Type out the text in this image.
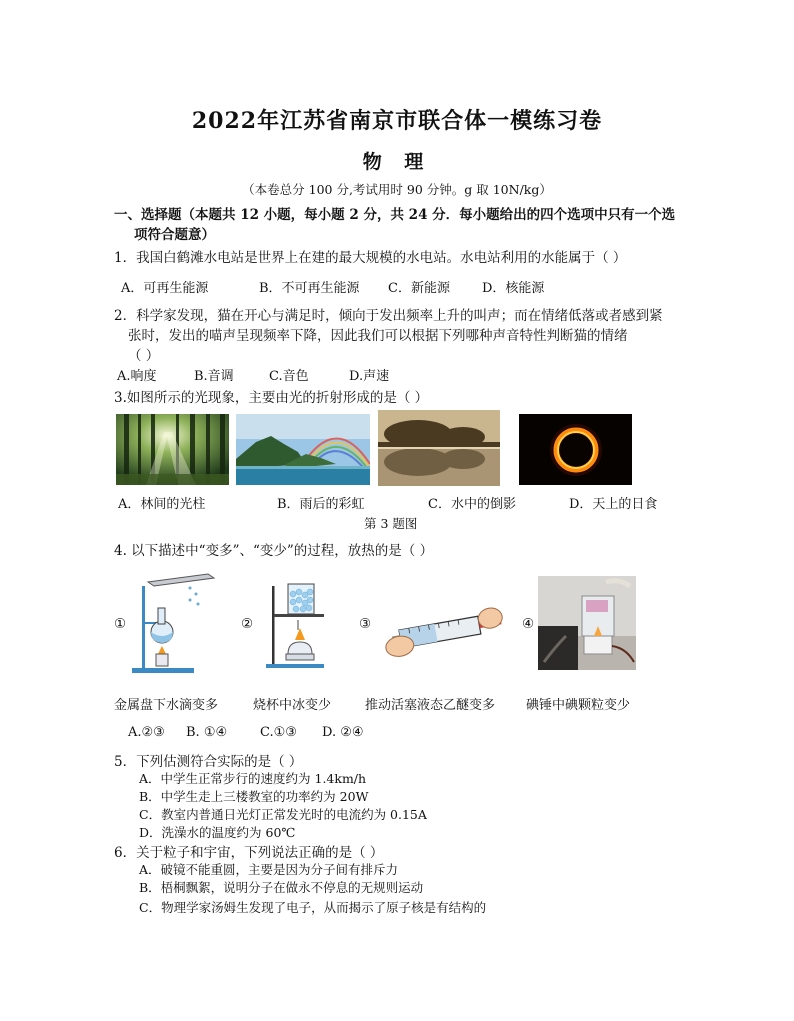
2022年江苏省南京市联合体一模练习卷
物 理
（本卷总分 100 分,考试用时 90 分钟。g 取 10N/kg）
一、选择题（本题共 12 小题，每小题 2 分，共 24 分．每小题给出的四个选项中只有一个选
项符合题意）
1．我国白鹤滩水电站是世界上在建的最大规模的水电站。水电站利用的水能属于（ ）
A．可再生能源	B．不可再生能源 C．新能源 D．核能源
2．科学家发现，猫在开心与满足时，倾向于发出频率上升的叫声；而在情绪低落或者感到紧
张时，发出的喵声呈现频率下降，因此我们可以根据下列哪种声音特性判断猫的情绪
（ ）
A.响度	B.音调	C.音色	D.声速
3.如图所示的光现象，主要由光的折射形成的是（ ）
A．林间的光柱	B．雨后的彩虹	C．水中的倒影	D．天上的日食
第 3 题图
4. 以下描述中“变多”、“变少”的过程，放热的是（ ）
①	②	③	④
金属盘下水滴变多	烧杯中冰变少	推动活塞液态乙醚变多 碘锤中碘颗粒变少
A.②③ B. ①④	C.①③ D. ②④
5．下列估测符合实际的是（ ）
A．中学生正常步行的速度约为 1.4km/h
B．中学生走上三楼教室的功率约为 20W
C．教室内普通日光灯正常发光时的电流约为 0.15A
D．洗澡水的温度约为 60℃
6．关于粒子和宇宙，下列说法正确的是（ ）
A．破镜不能重圆，主要是因为分子间有排斥力
B．梧桐飘絮，说明分子在做永不停息的无规则运动
C．物理学家汤姆生发现了电子，从而揭示了原子核是有结构的
